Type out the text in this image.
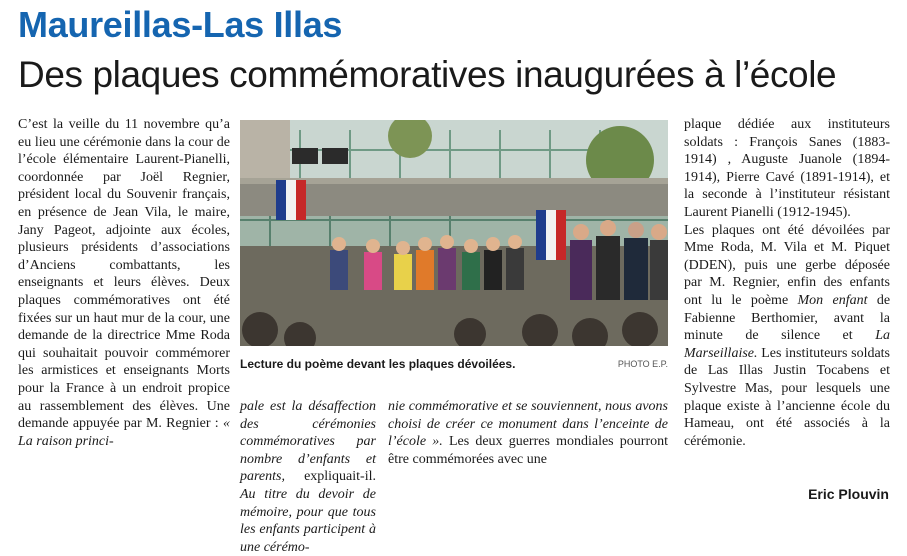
Maureillas-Las Illas
Des plaques commémoratives inaugurées à l’école

C’est la veille du 11 novembre qu’a eu lieu une cérémonie dans la cour de l’école élémentaire Laurent-Pianelli, coordonnée par Joël Regnier, président local du Souvenir français, en présence de Jean Vila, le maire, Jany Pageot, adjointe aux écoles, plusieurs présidents d’associations d’Anciens combattants, les enseignants et leurs élèves. Deux plaques commémoratives ont été fixées sur un haut mur de la cour, une demande de la directrice Mme Roda qui souhaitait pouvoir commémorer les armistices et enseignants Morts pour la France à un endroit propice au rassemblement des élèves. Une demande appuyée par M. Regnier : « La raison princi-

Lecture du poème devant les plaques dévoilées.	PHOTO E.P.

pale est la désaffection des cérémonies commémoratives par nombre d’enfants et parents, expliquait-il. Au titre du devoir de mémoire, pour que tous les enfants participent à une cérémo-

nie commémorative et se souviennent, nous avons choisi de créer ce monument dans l’enceinte de l’école ». Les deux guerres mondiales pourront être commémorées avec une

plaque dédiée aux instituteurs soldats : François Sanes (1883-1914) , Auguste Juanole (1894-1914), Pierre Cavé (1891-1914), et la seconde à l’instituteur résistant Laurent Pianelli (1912-1945).

Les plaques ont été dévoilées par Mme Roda, M. Vila et M. Piquet (DDEN), puis une gerbe déposée par M. Regnier, enfin des enfants ont lu le poème Mon enfant de Fabienne Berthomier, avant la minute de silence et La Marseillaise. Les instituteurs soldats de Las Illas Justin Tocabens et Sylvestre Mas, pour lesquels une plaque existe à l’ancienne école du Hameau, ont été associés à la cérémonie.

Eric Plouvin
